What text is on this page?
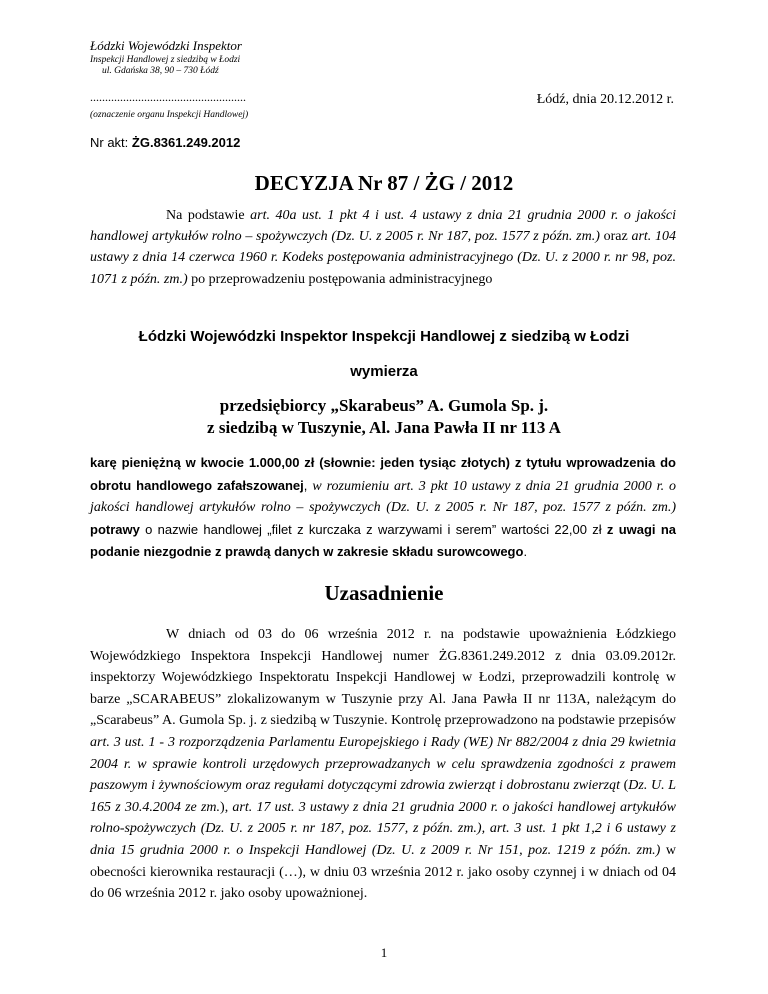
Łódzki Wojewódzki Inspektor
Inspekcji Handlowej z siedzibą w Łodzi
ul. Gdańska 38, 90 – 730 Łódź
....................................................
(oznaczenie organu Inspekcji Handlowej)
Łódź, dnia 20.12.2012 r.
Nr akt: ŻG.8361.249.2012
DECYZJA Nr 87 / ŻG / 2012

Na podstawie art. 40a ust. 1 pkt 4 i ust. 4 ustawy z dnia 21 grudnia 2000 r. o jakości handlowej artykułów rolno – spożywczych (Dz. U. z 2005 r. Nr 187, poz. 1577 z późn. zm.) oraz art. 104 ustawy z dnia 14 czerwca 1960 r. Kodeks postępowania administracyjnego (Dz. U. z 2000 r. nr 98, poz. 1071 z późn. zm.) po przeprowadzeniu postępowania administracyjnego

Łódzki Wojewódzki Inspektor Inspekcji Handlowej z siedzibą w Łodzi
wymierza
przedsiębiorcy „Skarabeus” A. Gumola Sp. j.
z siedzibą w Tuszynie, Al. Jana Pawła II nr 113 A

karę pieniężną w kwocie 1.000,00 zł (słownie: jeden tysiąc złotych) z tytułu wprowadzenia do obrotu handlowego zafałszowanej, w rozumieniu art. 3 pkt 10 ustawy z dnia 21 grudnia 2000 r. o jakości handlowej artykułów rolno – spożywczych (Dz. U. z 2005 r. Nr 187, poz. 1577 z późn. zm.) potrawy o nazwie handlowej „filet z kurczaka z warzywami i serem” wartości 22,00 zł z uwagi na podanie niezgodnie z prawdą danych w zakresie składu surowcowego.

Uzasadnienie

W dniach od 03 do 06 września 2012 r. na podstawie upoważnienia Łódzkiego Wojewódzkiego Inspektora Inspekcji Handlowej numer ŻG.8361.249.2012 z dnia 03.09.2012r. inspektorzy Wojewódzkiego Inspektoratu Inspekcji Handlowej w Łodzi, przeprowadzili kontrolę w barze „SCARABEUS” zlokalizowanym w Tuszynie przy Al. Jana Pawła II nr 113A, należącym do „Scarabeus” A. Gumola Sp. j. z siedzibą w Tuszynie. Kontrolę przeprowadzono na podstawie przepisów art. 3 ust. 1 - 3 rozporządzenia Parlamentu Europejskiego i Rady (WE) Nr 882/2004 z dnia 29 kwietnia 2004 r. w sprawie kontroli urzędowych przeprowadzanych w celu sprawdzenia zgodności z prawem paszowym i żywnościowym oraz regułami dotyczącymi zdrowia zwierząt i dobrostanu zwierząt (Dz. U. L 165 z 30.4.2004 ze zm.), art. 17 ust. 3 ustawy z dnia 21 grudnia 2000 r. o jakości handlowej artykułów rolno-spożywczych (Dz. U. z 2005 r. nr 187, poz. 1577, z późn. zm.), art. 3 ust. 1 pkt 1,2 i 6 ustawy z dnia 15 grudnia 2000 r. o Inspekcji Handlowej (Dz. U. z 2009 r. Nr 151, poz. 1219 z późn. zm.) w obecności kierownika restauracji (…), w dniu 03 września 2012 r. jako osoby czynnej i w dniach od 04 do 06 września 2012 r. jako osoby upoważnionej.

1
